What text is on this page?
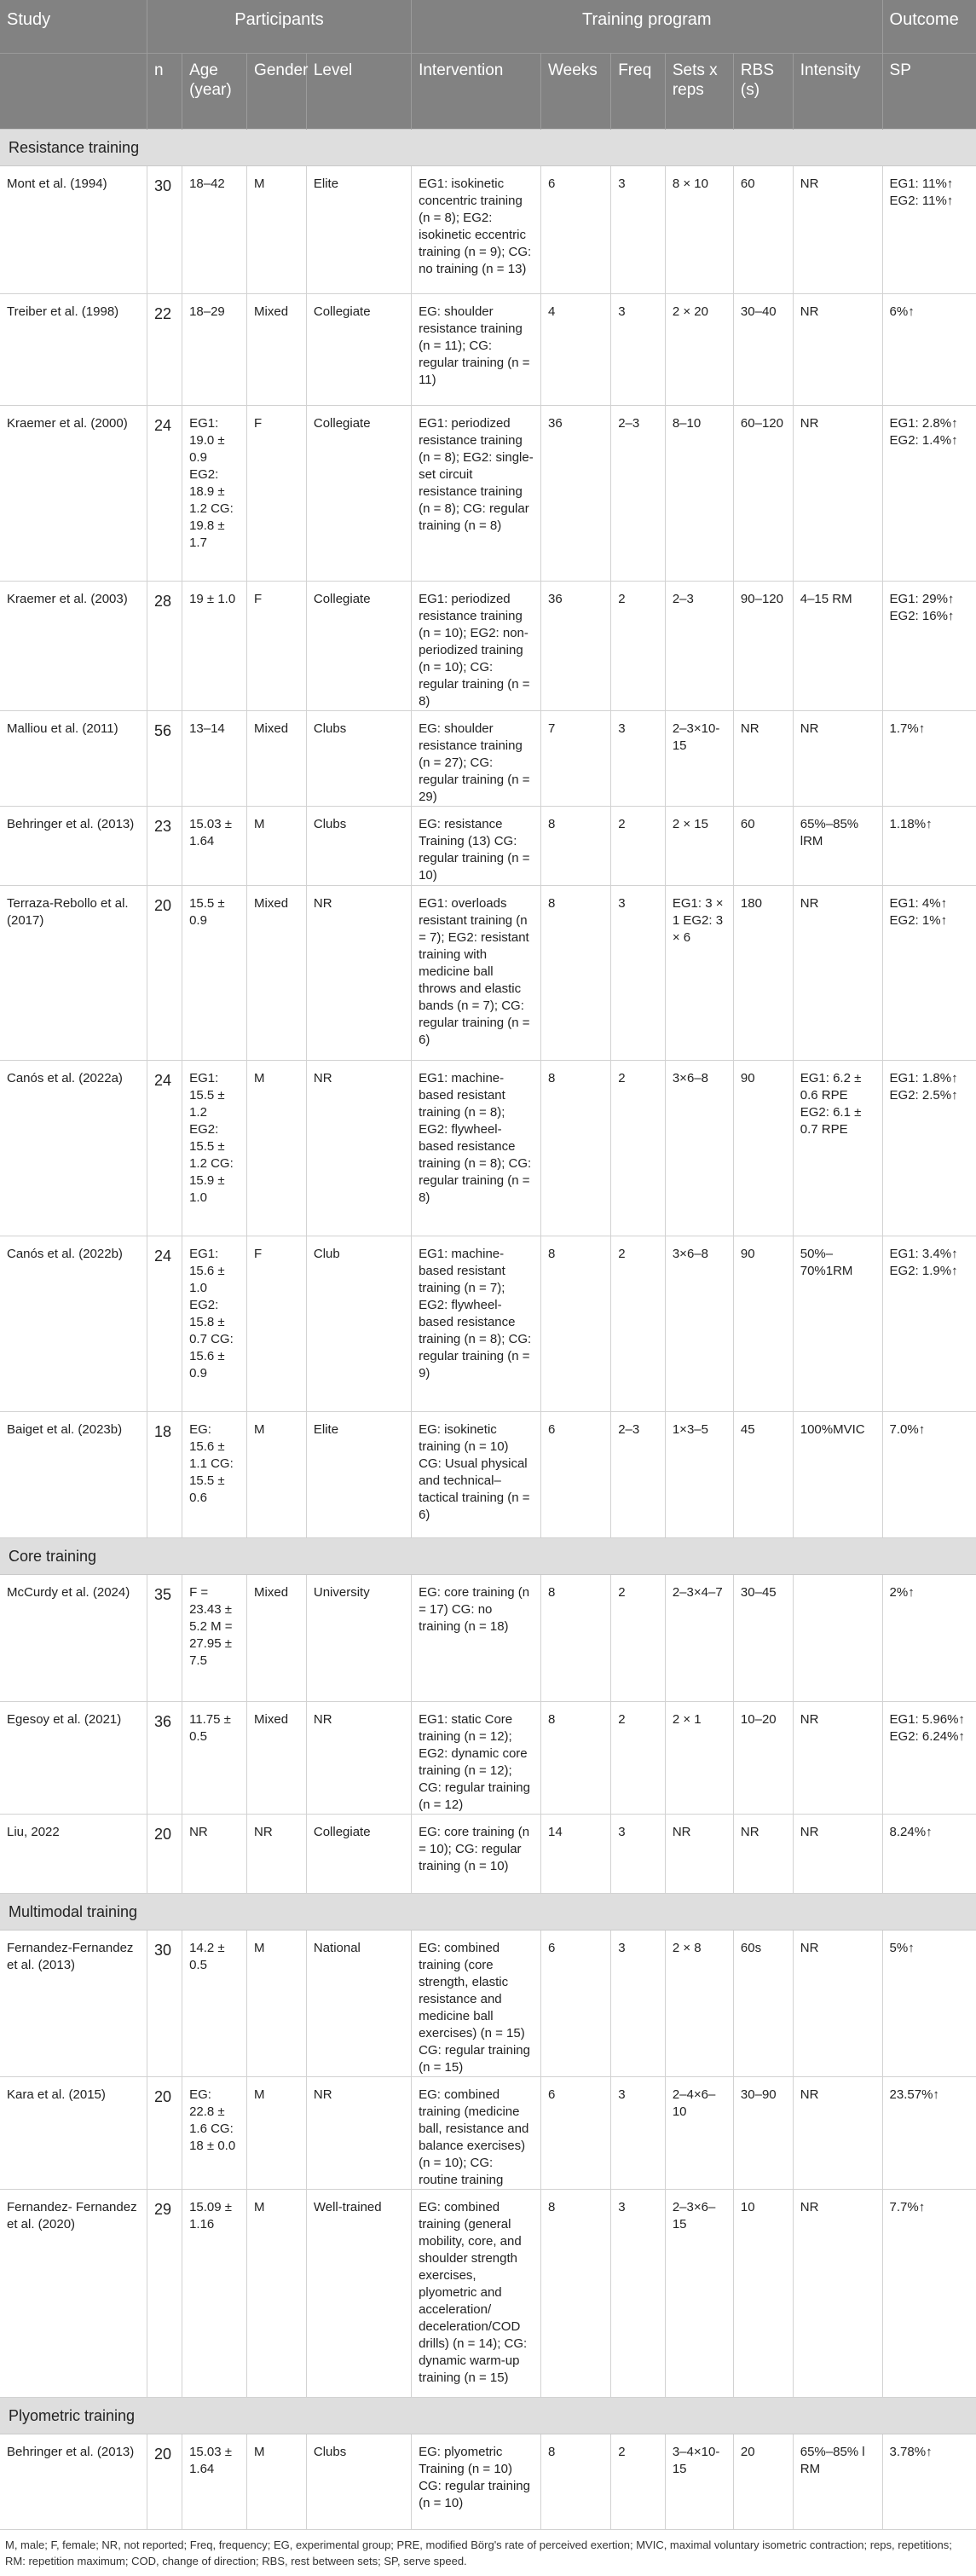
Study	Participants				Training program						Outcome
	n	Age (year)	Gender	Level	Intervention	Weeks	Freq	Sets x reps	RBS (s)	Intensity	SP
Resistance training											
Mont et al. (1994)	30	18–42	M	Elite	EG1: isokinetic concentric training (n = 8); EG2: isokinetic eccentric training (n = 9); CG: no training (n = 13)	6	3	8 × 10	60	NR	EG1: 11%↑ EG2: 11%↑
Treiber et al. (1998)	22	18–29	Mixed	Collegiate	EG: shoulder resistance training (n = 11); CG: regular training (n = 11)	4	3	2 × 20	30–40	NR	6%↑
Kraemer et al. (2000)	24	EG1: 19.0 ± 0.9 EG2: 18.9 ± 1.2 CG: 19.8 ± 1.7	F	Collegiate	EG1: periodized resistance training (n = 8); EG2: single-set circuit resistance training (n = 8); CG: regular training (n = 8)	36	2–3	8–10	60–120	NR	EG1: 2.8%↑ EG2: 1.4%↑
Kraemer et al. (2003)	28	19 ± 1.0	F	Collegiate	EG1: periodized resistance training (n = 10); EG2: non-periodized training (n = 10); CG: regular training (n = 8)	36	2	2–3	90–120	4–15 RM	EG1: 29%↑ EG2: 16%↑
Malliou et al. (2011)	56	13–14	Mixed	Clubs	EG: shoulder resistance training (n = 27); CG: regular training (n = 29)	7	3	2–3×10-15	NR	NR	1.7%↑
Behringer et al. (2013)	23	15.03 ± 1.64	M	Clubs	EG: resistance Training (13) CG: regular training (n = 10)	8	2	2 × 15	60	65%–85% lRM	1.18%↑
Terraza-Rebollo et al. (2017)	20	15.5 ± 0.9	Mixed	NR	EG1: overloads resistant training (n = 7); EG2: resistant training with medicine ball throws and elastic bands (n = 7); CG: regular training (n = 6)	8	3	EG1: 3 × 1 EG2: 3 × 6	180	NR	EG1: 4%↑ EG2: 1%↑
Canós et al. (2022a)	24	EG1: 15.5 ± 1.2 EG2: 15.5 ± 1.2 CG: 15.9 ± 1.0	M	NR	EG1: machine-based resistant training (n = 8); EG2: flywheel-based resistance training (n = 8); CG: regular training (n = 8)	8	2	3×6–8	90	EG1: 6.2 ± 0.6 RPE EG2: 6.1 ± 0.7 RPE	EG1: 1.8%↑ EG2: 2.5%↑
Canós et al. (2022b)	24	EG1: 15.6 ± 1.0 EG2: 15.8 ± 0.7 CG: 15.6 ± 0.9	F	Club	EG1: machine-based resistant training (n = 7); EG2: flywheel-based resistance training (n = 8); CG: regular training (n = 9)	8	2	3×6–8	90	50%–70%1RM	EG1: 3.4%↑ EG2: 1.9%↑
Baiget et al. (2023b)	18	EG: 15.6 ± 1.1 CG: 15.5 ± 0.6	M	Elite	EG: isokinetic training (n = 10) CG: Usual physical and technical–tactical training (n = 6)	6	2–3	1×3–5	45	100%MVIC	7.0%↑
Core training											
McCurdy et al. (2024)	35	F = 23.43 ± 5.2 M = 27.95 ± 7.5	Mixed	University	EG: core training (n = 17) CG: no training (n = 18)	8	2	2–3×4–7	30–45		2%↑
Egesoy et al. (2021)	36	11.75 ± 0.5	Mixed	NR	EG1: static Core training (n = 12); EG2: dynamic core training (n = 12); CG: regular training (n = 12)	8	2	2 × 1	10–20	NR	EG1: 5.96%↑ EG2: 6.24%↑
Liu, 2022	20	NR	NR	Collegiate	EG: core training (n = 10); CG: regular training (n = 10)	14	3	NR	NR	NR	8.24%↑
Multimodal training											
Fernandez-Fernandez et al. (2013)	30	14.2 ± 0.5	M	National	EG: combined training (core strength, elastic resistance and medicine ball exercises) (n = 15) CG: regular training (n = 15)	6	3	2 × 8	60s	NR	5%↑
Kara et al. (2015)	20	EG: 22.8 ± 1.6 CG: 18 ± 0.0	M	NR	EG: combined training (medicine ball, resistance and balance exercises) (n = 10); CG: routine training	6	3	2–4×6–10	30–90	NR	23.57%↑
Fernandez- Fernandez et al. (2020)	29	15.09 ± 1.16	M	Well-trained	EG: combined training (general mobility, core, and shoulder strength exercises, plyometric and acceleration/ deceleration/COD drills) (n = 14); CG: dynamic warm-up training (n = 15)	8	3	2–3×6–15	10	NR	7.7%↑
Plyometric training											
Behringer et al. (2013)	20	15.03 ± 1.64	M	Clubs	EG: plyometric Training (n = 10) CG: regular training (n = 10)	8	2	3–4×10-15	20	65%–85% l RM	3.78%↑
M, male; F, female; NR, not reported; Freq, frequency; EG, experimental group; PRE, modified Börg's rate of perceived exertion; MVIC, maximal voluntary isometric contraction; reps, repetitions; RM: repetition maximum; COD, change of direction; RBS, rest between sets; SP, serve speed.
